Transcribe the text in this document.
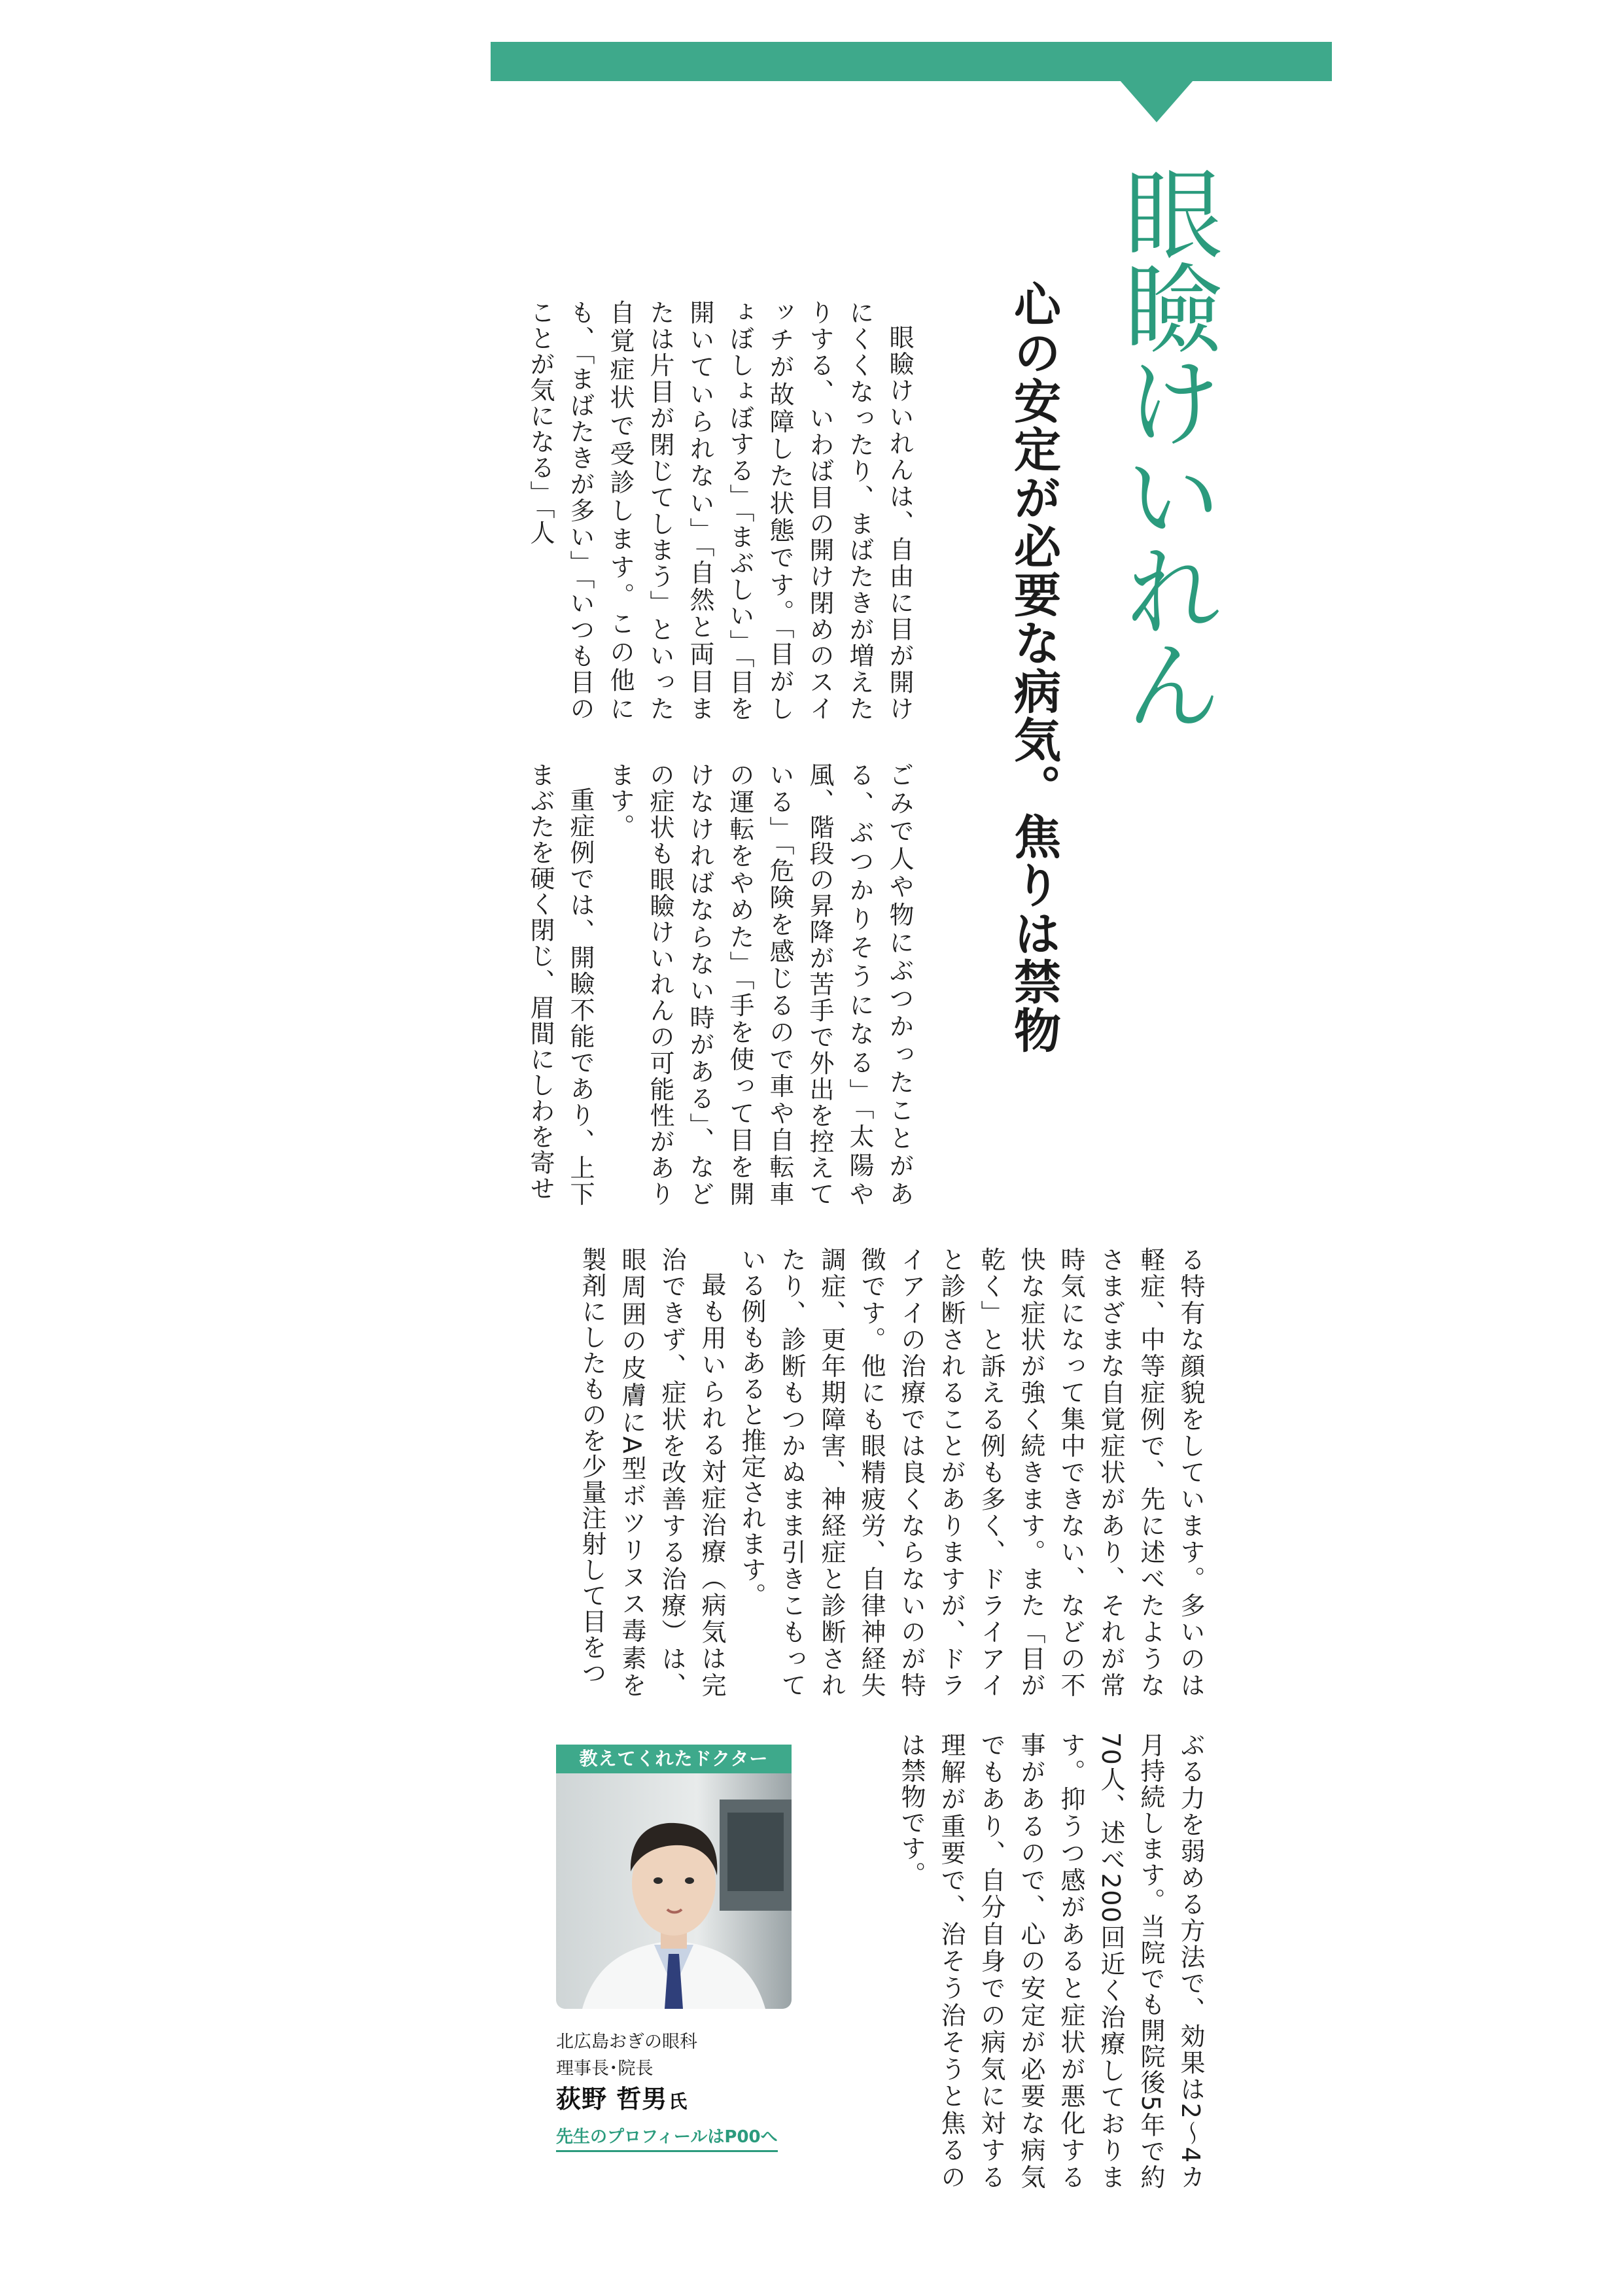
眼瞼けいれん
心の安定が必要な病気。焦りは禁物

眼瞼けいれんは、自由に目が開けにくくなったり、まばたきが増えたりする、いわば目の開け閉めのスイッチが故障した状態です。「目がしょぼしょぼする」「まぶしい」「目を開いていられない」「自然と両目または片目が閉じてしまう」といった自覚症状で受診します。この他にも、「まばたきが多い」「いつも目のことが気になる」「人

ごみで人や物にぶつかったことがある、ぶつかりそうになる」「太陽や風、階段の昇降が苦手で外出を控えている」「危険を感じるので車や自転車の運転をやめた」「手を使って目を開けなければならない時がある」、などの症状も眼瞼けいれんの可能性があります。

重症例では、開瞼不能であり、上下まぶたを硬く閉じ、眉間にしわを寄せ

る特有な顔貌をしています。多いのは軽症、中等症例で、先に述べたようなさまざまな自覚症状があり、それが常時気になって集中できない、などの不快な症状が強く続きます。また「目が乾く」と訴える例も多く、ドライアイと診断されることがありますが、ドライアイの治療では良くならないのが特徴です。他にも眼精疲労、自律神経失調症、更年期障害、神経症と診断されたり、診断もつかぬまま引きこもっている例もあると推定されます。

最も用いられる対症治療（病気は完治できず、症状を改善する治療）は、眼周囲の皮膚にA型ボツリヌス毒素を製剤にしたものを少量注射して目をつ

ぶる力を弱める方法で、効果は2～4カ月持続します。当院でも開院後5年で約70人、述べ200回近く治療しております。抑うつ感があると症状が悪化する事があるので、心の安定が必要な病気でもあり、自分自身での病気に対する理解が重要で、治そう治そうと焦るのは禁物です。

教えてくれたドクター
北広島おぎの眼科
理事長･院長
荻野 哲男氏
先生のプロフィールはP00へ
